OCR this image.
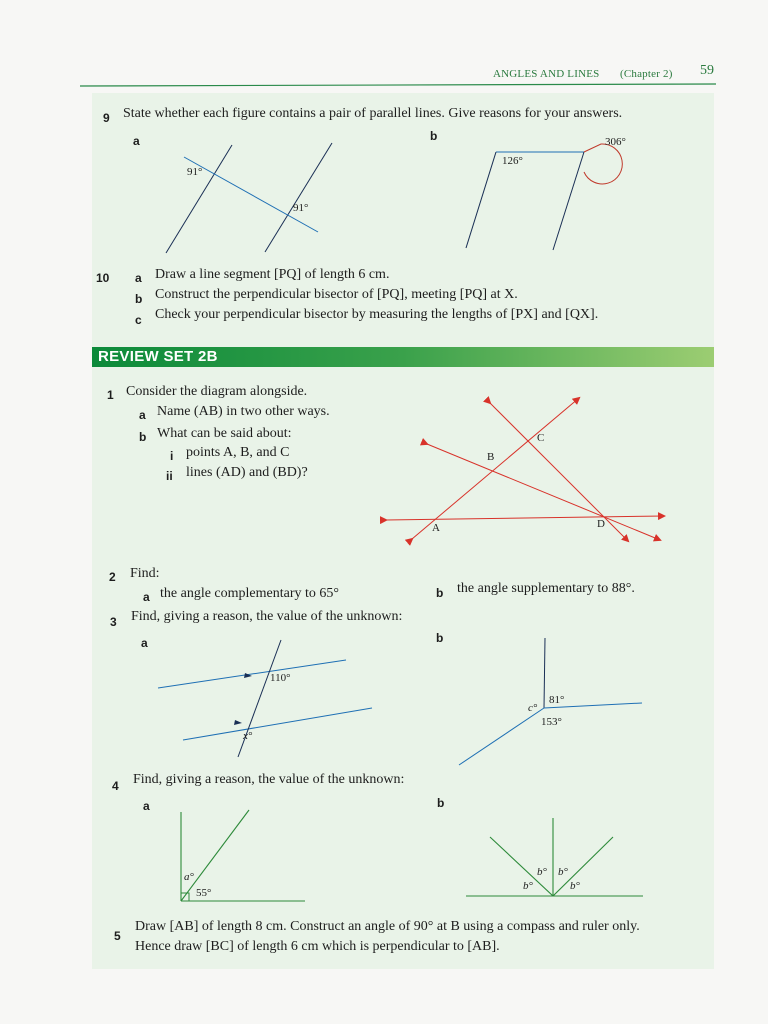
ANGLES AND LINES (Chapter 2) 59
9 State whether each figure contains a pair of parallel lines. Give reasons for your answers.
a	b
91°
91°
126°
306°
10 a Draw a line segment [PQ] of length 6 cm.
b Construct the perpendicular bisector of [PQ], meeting [PQ] at X.
c Check your perpendicular bisector by measuring the lengths of [PX] and [QX].
REVIEW SET 2B
1 Consider the diagram alongside.
a Name (AB) in two other ways.
b What can be said about:
i points A, B, and C
ii lines (AD) and (BD)?
B
C
A	D
2 Find:
a the angle complementary to 65°	b the angle supplementary to 88°.
3 Find, giving a reason, the value of the unknown:
a	b
110°
x°
c°
81°
153°
4 Find, giving a reason, the value of the unknown:
a	b
a°
55°
b° b°
b°	b°
5
Draw [AB] of length 8 cm. Construct an angle of 90° at B using a compass and ruler only.
Hence draw [BC] of length 6 cm which is perpendicular to [AB].
